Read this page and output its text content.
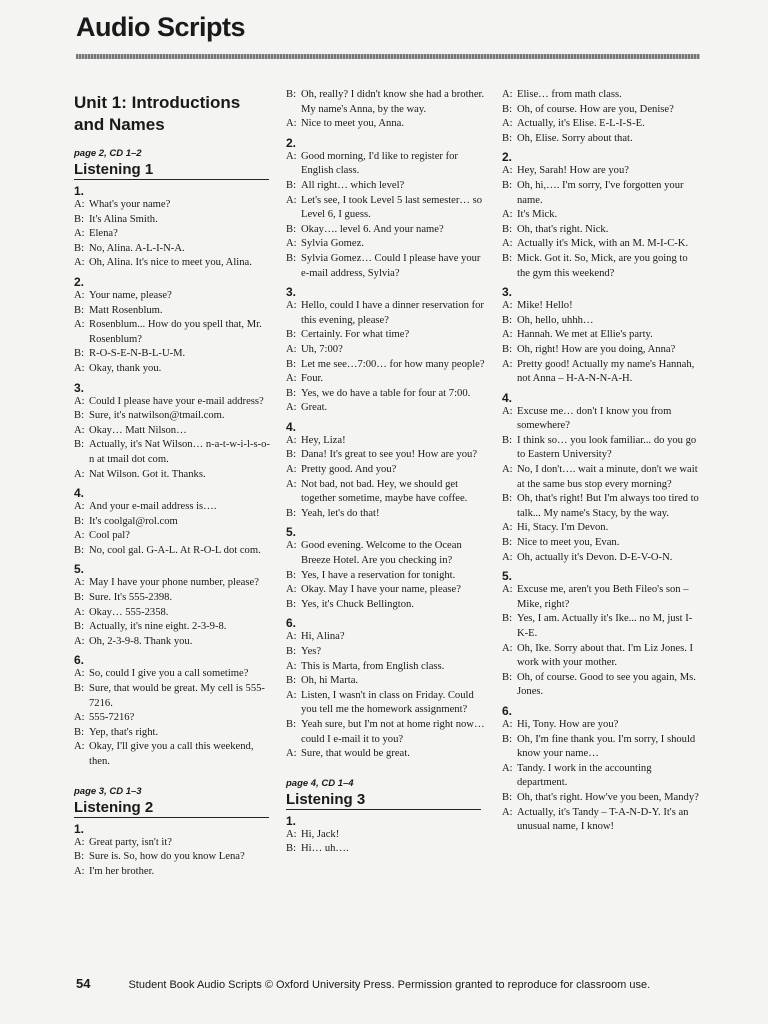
Audio Scripts
Unit 1: Introductions and Names
page 2, CD 1–2
Listening 1
1.
A: What's your name?
B: It's Alina Smith.
A: Elena?
B: No, Alina. A-L-I-N-A.
A: Oh, Alina. It's nice to meet you, Alina.
2.
A: Your name, please?
B: Matt Rosenblum.
A: Rosenblum... How do you spell that, Mr. Rosenblum?
B: R-O-S-E-N-B-L-U-M.
A: Okay, thank you.
3.
A: Could I please have your e-mail address?
B: Sure, it's natwilson@tmail.com.
A: Okay… Matt Nilson…
B: Actually, it's Nat Wilson… n-a-t-w-i-l-s-o-n at tmail dot com.
A: Nat Wilson. Got it. Thanks.
4.
A: And your e-mail address is….
B: It's coolgal@rol.com
A: Cool pal?
B: No, cool gal. G-A-L. At R-O-L dot com.
5.
A: May I have your phone number, please?
B: Sure. It's 555-2398.
A: Okay… 555-2358.
B: Actually, it's nine eight. 2-3-9-8.
A: Oh, 2-3-9-8. Thank you.
6.
A: So, could I give you a call sometime?
B: Sure, that would be great. My cell is 555-7216.
A: 555-7216?
B: Yep, that's right.
A: Okay, I'll give you a call this weekend, then.
page 3, CD 1–3
Listening 2
1.
A: Great party, isn't it?
B: Sure is. So, how do you know Lena?
A: I'm her brother.
B: Oh, really? I didn't know she had a brother. My name's Anna, by the way.
A: Nice to meet you, Anna.
2.
A: Good morning, I'd like to register for English class.
B: All right… which level?
A: Let's see, I took Level 5 last semester… so Level 6, I guess.
B: Okay…. level 6. And your name?
A: Sylvia Gomez.
B: Sylvia Gomez… Could I please have your e-mail address, Sylvia?
3.
A: Hello, could I have a dinner reservation for this evening, please?
B: Certainly. For what time?
A: Uh, 7:00?
B: Let me see…7:00… for how many people?
A: Four.
B: Yes, we do have a table for four at 7:00.
A: Great.
4.
A: Hey, Liza!
B: Dana! It's great to see you! How are you?
A: Pretty good. And you?
A: Not bad, not bad. Hey, we should get together sometime, maybe have coffee.
B: Yeah, let's do that!
5.
A: Good evening. Welcome to the Ocean Breeze Hotel. Are you checking in?
B: Yes, I have a reservation for tonight.
A: Okay. May I have your name, please?
B: Yes, it's Chuck Bellington.
6.
A: Hi, Alina?
B: Yes?
A: This is Marta, from English class.
B: Oh, hi Marta.
A: Listen, I wasn't in class on Friday. Could you tell me the homework assignment?
B: Yeah sure, but I'm not at home right now… could I e-mail it to you?
A: Sure, that would be great.
page 4, CD 1–4
Listening 3
1.
A: Hi, Jack!
B: Hi… uh….
A: Elise… from math class.
B: Oh, of course. How are you, Denise?
A: Actually, it's Elise. E-L-I-S-E.
B: Oh, Elise. Sorry about that.
2.
A: Hey, Sarah! How are you?
B: Oh, hi,…. I'm sorry, I've forgotten your name.
A: It's Mick.
B: Oh, that's right. Nick.
A: Actually it's Mick, with an M. M-I-C-K.
B: Mick. Got it. So, Mick, are you going to the gym this weekend?
3.
A: Mike! Hello!
B: Oh, hello, uhhh…
A: Hannah. We met at Ellie's party.
B: Oh, right! How are you doing, Anna?
A: Pretty good! Actually my name's Hannah, not Anna – H-A-N-N-A-H.
4.
A: Excuse me… don't I know you from somewhere?
B: I think so… you look familiar... do you go to Eastern University?
A: No, I don't…. wait a minute, don't we wait at the same bus stop every morning?
B: Oh, that's right! But I'm always too tired to talk... My name's Stacy, by the way.
A: Hi, Stacy. I'm Devon.
B: Nice to meet you, Evan.
A: Oh, actually it's Devon. D-E-V-O-N.
5.
A: Excuse me, aren't you Beth Fileo's son – Mike, right?
B: Yes, I am. Actually it's Ike... no M, just I-K-E.
A: Oh, Ike. Sorry about that. I'm Liz Jones. I work with your mother.
B: Oh, of course. Good to see you again, Ms. Jones.
6.
A: Hi, Tony. How are you?
B: Oh, I'm fine thank you. I'm sorry, I should know your name…
A: Tandy. I work in the accounting department.
B: Oh, that's right. How've you been, Mandy?
A: Actually, it's Tandy – T-A-N-D-Y. It's an unusual name, I know!
54	Student Book Audio Scripts © Oxford University Press. Permission granted to reproduce for classroom use.
